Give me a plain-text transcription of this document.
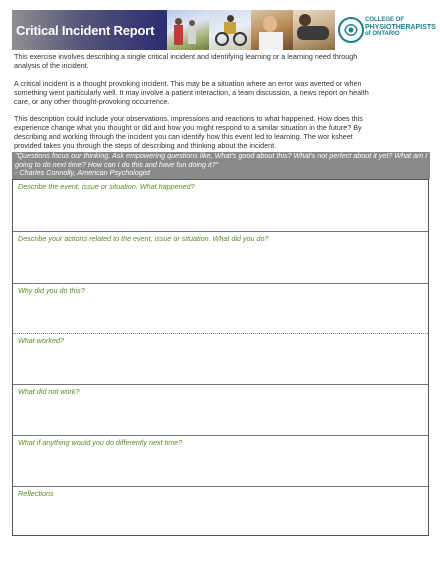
Critical Incident Report
COLLEGE OF
PHYSIOTHERAPISTS
of ONTARIO

This exercise involves describing a single critical incident and identifying learning or a learning need through analysis of the incident.

A critical incident is a thought provoking incident. This may be a situation where an error was averted or when something went particularly well. It may involve a patient interaction, a team discussion, a news report on health care, or any other thought-provoking occurrence.

This description could include your observations, impressions and reactions to what happened. How does this experience change what you thought or did and how you might respond to a similar situation in the future? By describing and working through the incident you can identify how this event led to learning. The wor ksheet provided takes you through the steps of describing and thinking about the incident.

"Questions focus our thinking. Ask empowering questions like, What's good about this? What's not perfect about it yet? What am I going to do next time? How can I do this and have fun doing it?"
- Charles Connolly, American Psychologist
Describe the event, issue or situation. What happened?
Describe your actions related to the event, issue or situation. What did you do?
Why did you do this?
What worked?
What did not work?
What if anything would you do differently next time?
Reflections
